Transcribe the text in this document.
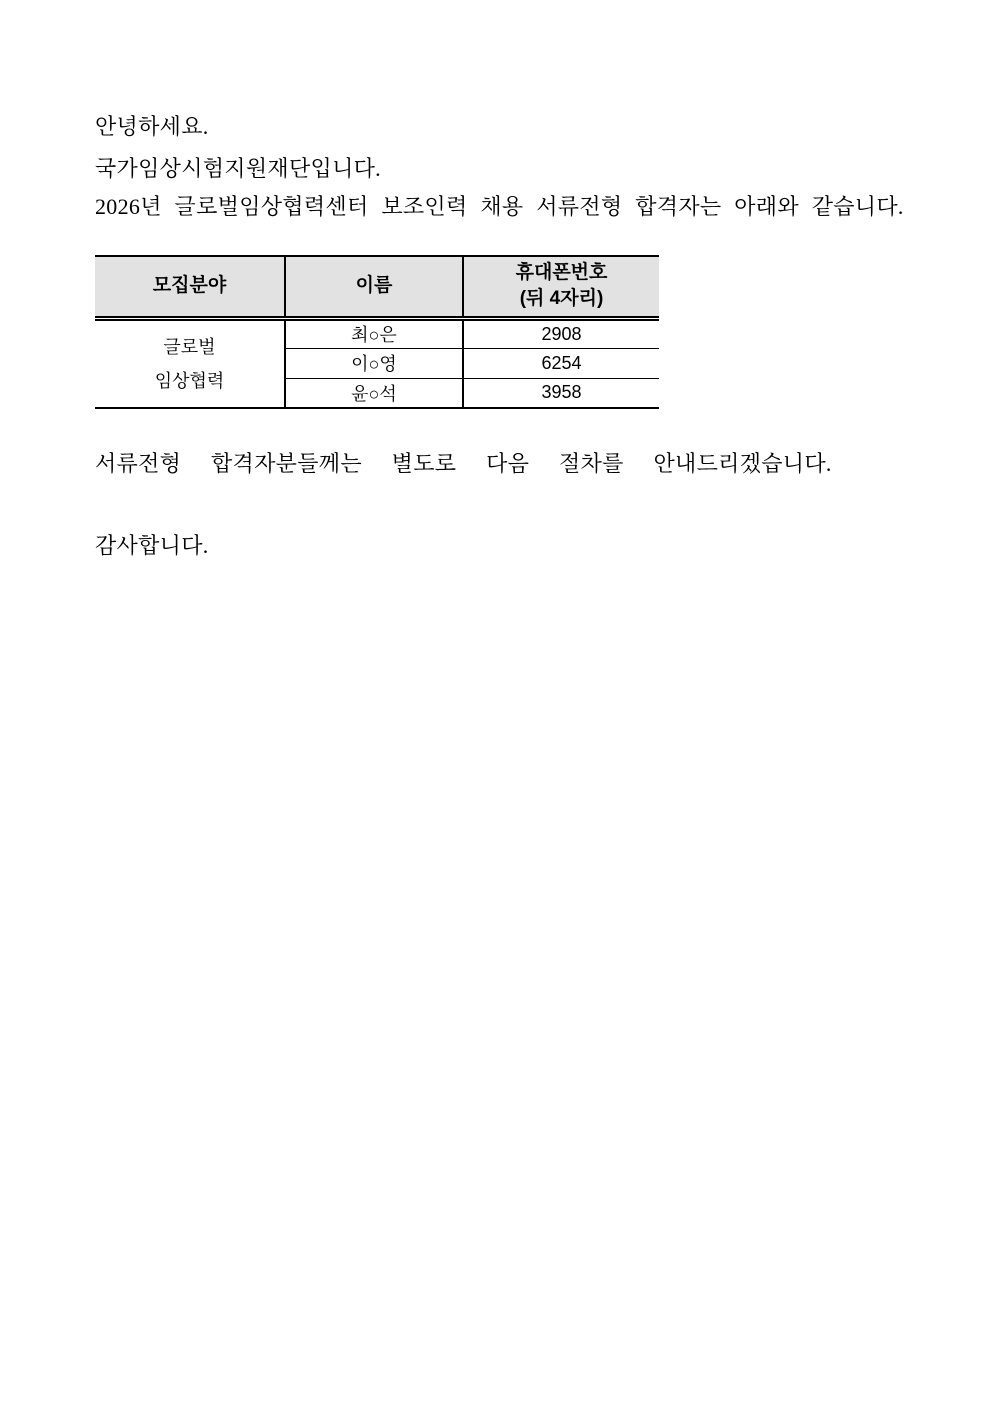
안녕하세요.

국가임상시험지원재단입니다.

2026년 글로벌임상협력센터 보조인력 채용 서류전형 합격자는 아래와 같습니다.

모집분야	이름	휴대폰번호
(뒤 4자리)

글로벌
임상협력	최○은	2908
	이○영	6254
	윤○석	3958

서류전형 합격자분들께는 별도로 다음 절차를 안내드리겠습니다.

감사합니다.
